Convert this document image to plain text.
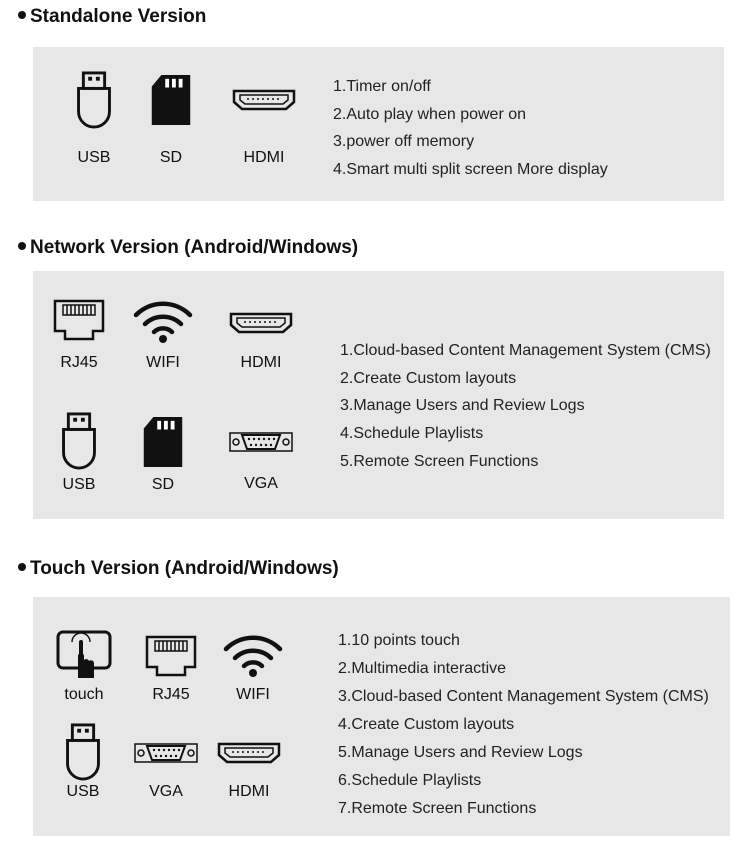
Standalone Version
USB	SD	HDMI
1.Timer on/off
2.Auto play when power on
3.power off memory
4.Smart multi split screen More display
Network Version (Android/Windows)
RJ45	WIFI	HDMI
USB	SD	VGA
1.Cloud-based Content Management System (CMS)
2.Create Custom layouts
3.Manage Users and Review Logs
4.Schedule Playlists
5.Remote Screen Functions
Touch Version (Android/Windows)
touch	RJ45	WIFI
USB	VGA	HDMI
1.10 points touch
2.Multimedia interactive
3.Cloud-based Content Management System (CMS)
4.Create Custom layouts
5.Manage Users and Review Logs
6.Schedule Playlists
7.Remote Screen Functions
